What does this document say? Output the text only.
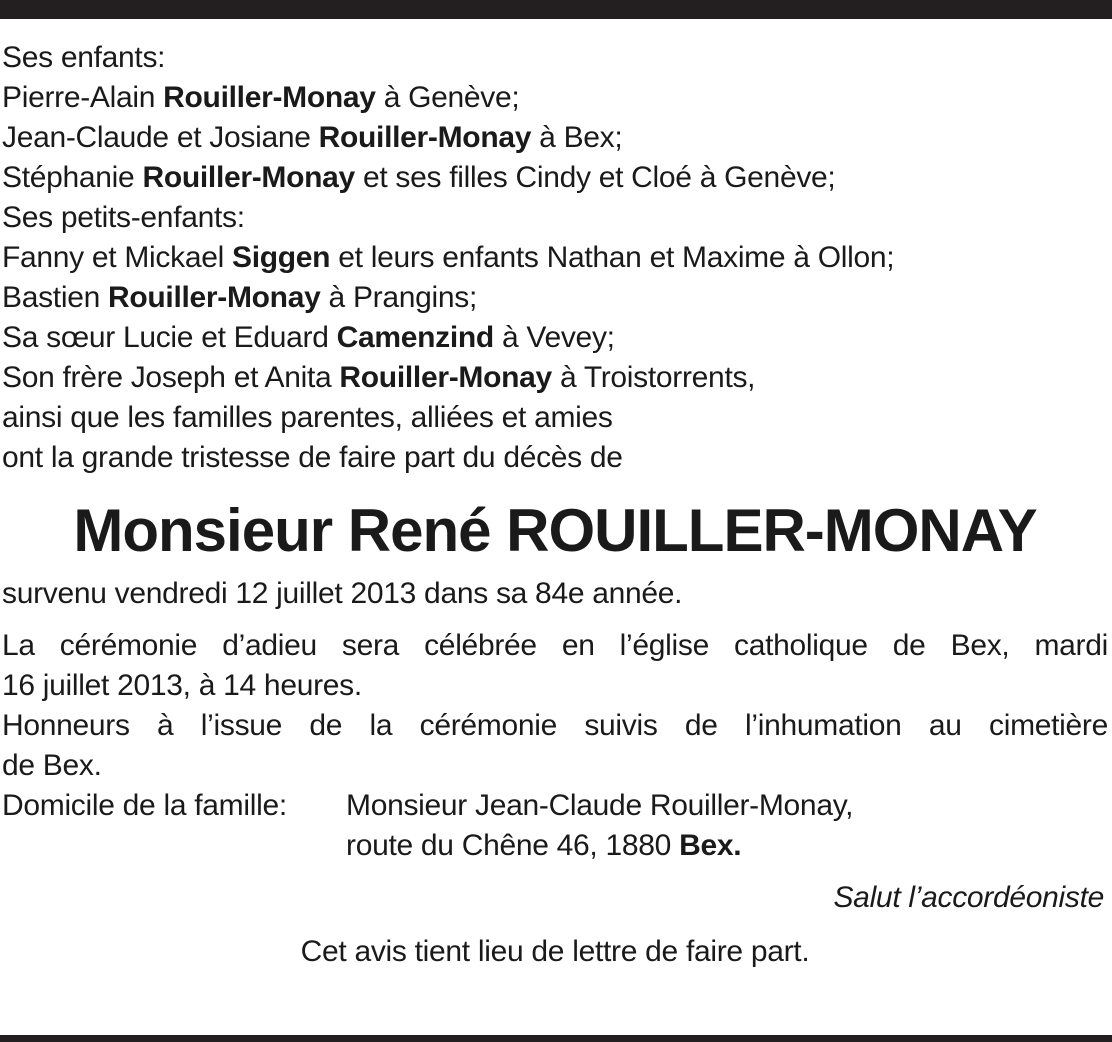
Ses enfants:
Pierre-Alain Rouiller-Monay à Genève;
Jean-Claude et Josiane Rouiller-Monay à Bex;
Stéphanie Rouiller-Monay et ses filles Cindy et Cloé à Genève;
Ses petits-enfants:
Fanny et Mickael Siggen et leurs enfants Nathan et Maxime à Ollon;
Bastien Rouiller-Monay à Prangins;
Sa sœur Lucie et Eduard Camenzind à Vevey;
Son frère Joseph et Anita Rouiller-Monay à Troistorrents,
ainsi que les familles parentes, alliées et amies
ont la grande tristesse de faire part du décès de
Monsieur René ROUILLER-MONAY
survenu vendredi 12 juillet 2013 dans sa 84e année.
La cérémonie d’adieu sera célébrée en l’église catholique de Bex, mardi
16 juillet 2013, à 14 heures.
Honneurs à l’issue de la cérémonie suivis de l’inhumation au cimetière
de Bex.
Domicile de la famille:	Monsieur Jean-Claude Rouiller-Monay,
route du Chêne 46, 1880 Bex.
Salut l’accordéoniste
Cet avis tient lieu de lettre de faire part.
